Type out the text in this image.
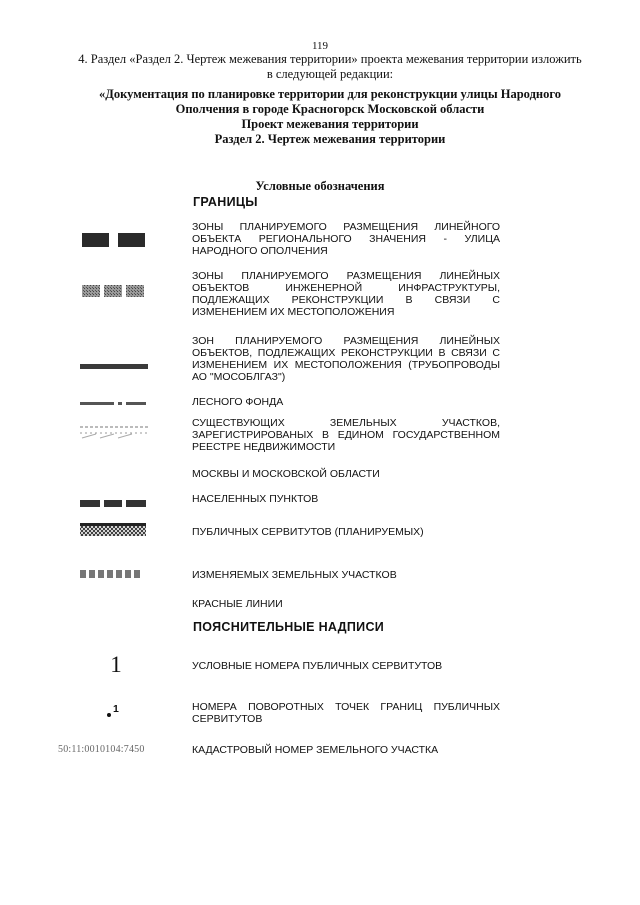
119
4. Раздел «Раздел 2. Чертеж межевания территории» проекта межевания территории изложить
в следующей редакции:
«Документация по планировке территории для реконструкции улицы Народного
Ополчения в городе Красногорск Московской области
Проект межевания территории
Раздел 2. Чертеж межевания территории
Условные обозначения
ГРАНИЦЫ
ЗОНЫ ПЛАНИРУЕМОГО РАЗМЕЩЕНИЯ ЛИНЕЙНОГО ОБЪЕКТА РЕГИОНАЛЬНОГО ЗНАЧЕНИЯ - УЛИЦА НАРОДНОГО ОПОЛЧЕНИЯ
ЗОНЫ ПЛАНИРУЕМОГО РАЗМЕЩЕНИЯ ЛИНЕЙНЫХ ОБЪЕКТОВ ИНЖЕНЕРНОЙ ИНФРАСТРУКТУРЫ, ПОДЛЕЖАЩИХ РЕКОНСТРУКЦИИ В СВЯЗИ С ИЗМЕНЕНИЕМ ИХ МЕСТОПОЛОЖЕНИЯ
ЗОН ПЛАНИРУЕМОГО РАЗМЕЩЕНИЯ ЛИНЕЙНЫХ ОБЪЕКТОВ, ПОДЛЕЖАЩИХ РЕКОНСТРУКЦИИ В СВЯЗИ С ИЗМЕНЕНИЕМ ИХ МЕСТОПОЛОЖЕНИЯ (ТРУБОПРОВОДЫ АО "МОСОБЛГАЗ")
ЛЕСНОГО ФОНДА
СУЩЕСТВУЮЩИХ ЗЕМЕЛЬНЫХ УЧАСТКОВ, ЗАРЕГИСТРИРОВАНЫХ В ЕДИНОМ ГОСУДАРСТВЕННОМ РЕЕСТРЕ НЕДВИЖИМОСТИ
МОСКВЫ И МОСКОВСКОЙ ОБЛАСТИ
НАСЕЛЕННЫХ ПУНКТОВ
ПУБЛИЧНЫХ СЕРВИТУТОВ (ПЛАНИРУЕМЫХ)
ИЗМЕНЯЕМЫХ ЗЕМЕЛЬНЫХ УЧАСТКОВ
КРАСНЫЕ ЛИНИИ
ПОЯСНИТЕЛЬНЫЕ НАДПИСИ
1	УСЛОВНЫЕ НОМЕРА ПУБЛИЧНЫХ СЕРВИТУТОВ
1	НОМЕРА ПОВОРОТНЫХ ТОЧЕК ГРАНИЦ ПУБЛИЧНЫХ СЕРВИТУТОВ
50:11:0010104:7450	КАДАСТРОВЫЙ НОМЕР ЗЕМЕЛЬНОГО УЧАСТКА
